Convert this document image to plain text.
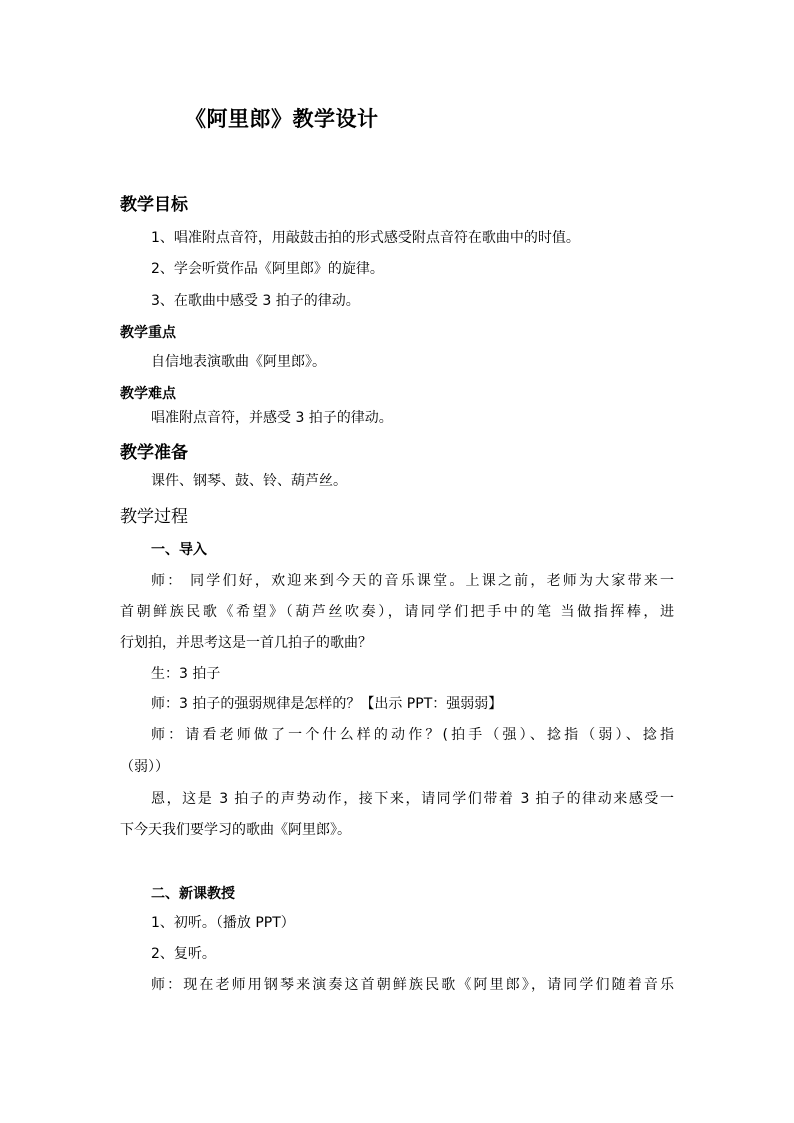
《阿里郎》教学设计
教学目标
1、唱准附点音符，用敲鼓击拍的形式感受附点音符在歌曲中的时值。
2、学会听赏作品《阿里郎》的旋律。
3、在歌曲中感受 3 拍子的律动。
教学重点
自信地表演歌曲《阿里郎》。
教学难点
唱准附点音符，并感受 3 拍子的律动。
教学准备
课件、钢琴、鼓、铃、葫芦丝。
教学过程
一、导入
师： 同学们好，欢迎来到今天的音乐课堂。上课之前，老师为大家带来一
首朝鲜族民歌《希望》（葫芦丝吹奏），请同学们把手中的笔 当做指挥棒，进
行划拍，并思考这是一首几拍子的歌曲？
生：3 拍子
师：3 拍子的强弱规律是怎样的？【出示 PPT：强弱弱】
师：请看老师做了一个什么样的动作？(拍手（强）、捻指（弱）、捻指
（弱））
恩，这是 3 拍子的声势动作，接下来，请同学们带着 3 拍子的律动来感受一
下今天我们要学习的歌曲《阿里郎》。
二、新课教授
1、初听。（播放 PPT）
2、复听。
师：现在老师用钢琴来演奏这首朝鲜族民歌《阿里郎》，请同学们随着音乐
